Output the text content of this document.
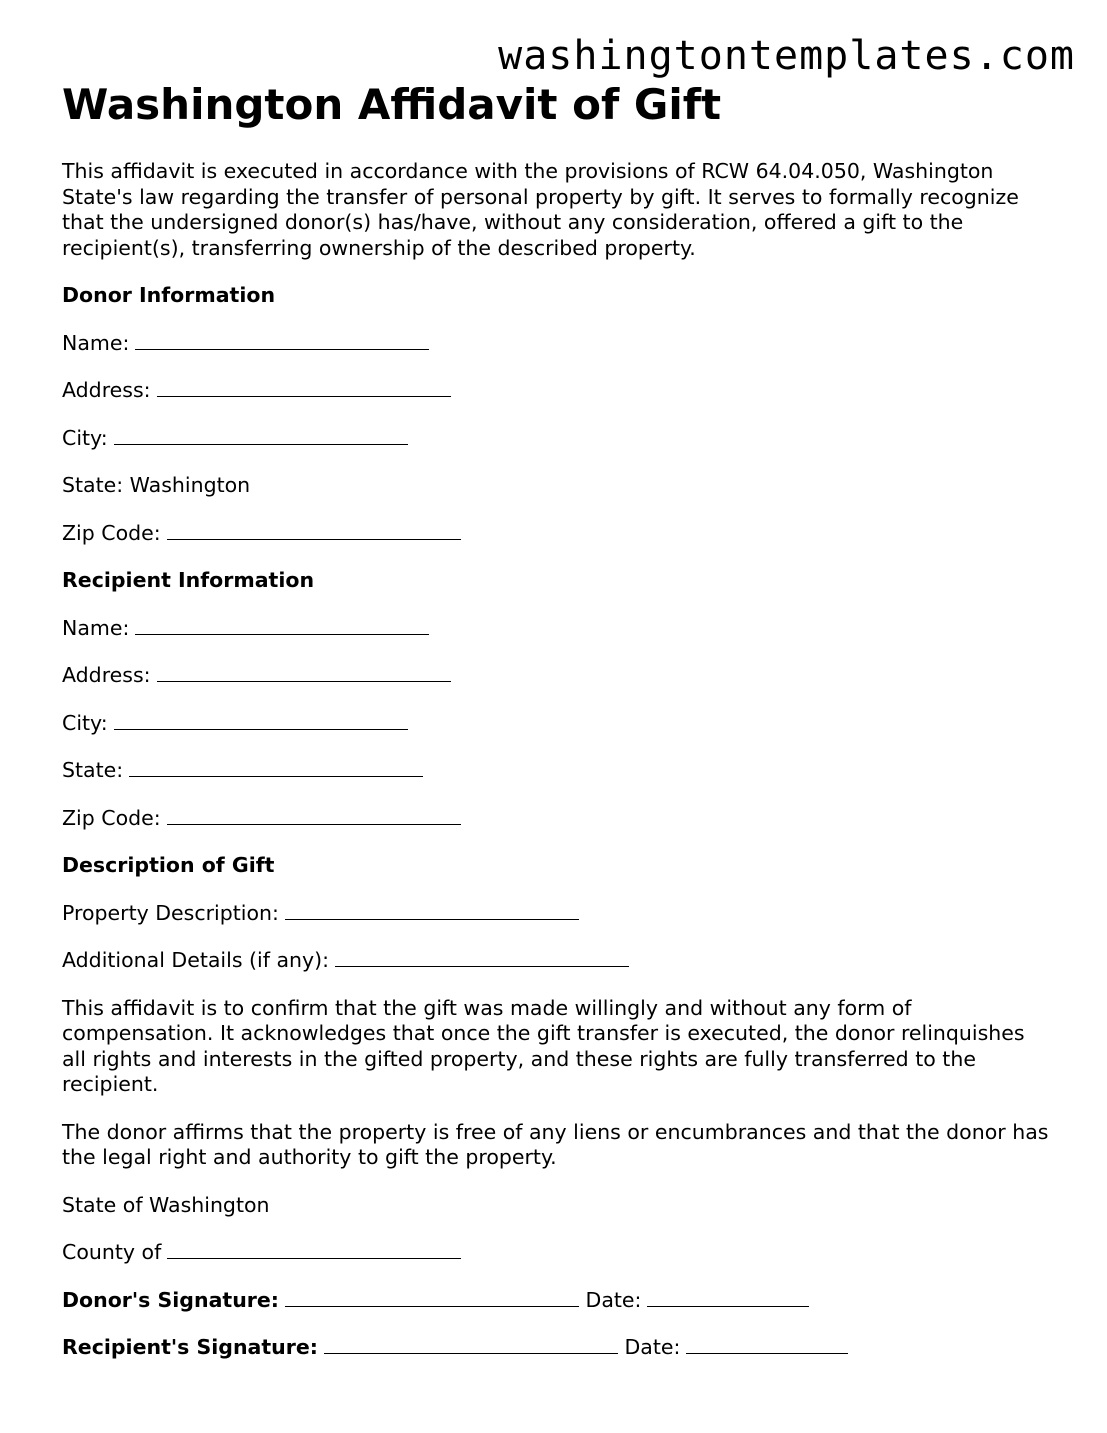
washingtontemplates.com
Washington Affidavit of Gift

This affidavit is executed in accordance with the provisions of RCW 64.04.050, Washington State's law regarding the transfer of personal property by gift. It serves to formally recognize that the undersigned donor(s) has/have, without any consideration, offered a gift to the recipient(s), transferring ownership of the described property.

Donor Information

Name:

Address:

City:

State: Washington

Zip Code:

Recipient Information

Name:

Address:

City:

State:

Zip Code:

Description of Gift

Property Description:

Additional Details (if any):

This affidavit is to confirm that the gift was made willingly and without any form of compensation. It acknowledges that once the gift transfer is executed, the donor relinquishes all rights and interests in the gifted property, and these rights are fully transferred to the recipient.

The donor affirms that the property is free of any liens or encumbrances and that the donor has the legal right and authority to gift the property.

State of Washington

County of

Donor's Signature:	Date:

Recipient's Signature:	Date:
